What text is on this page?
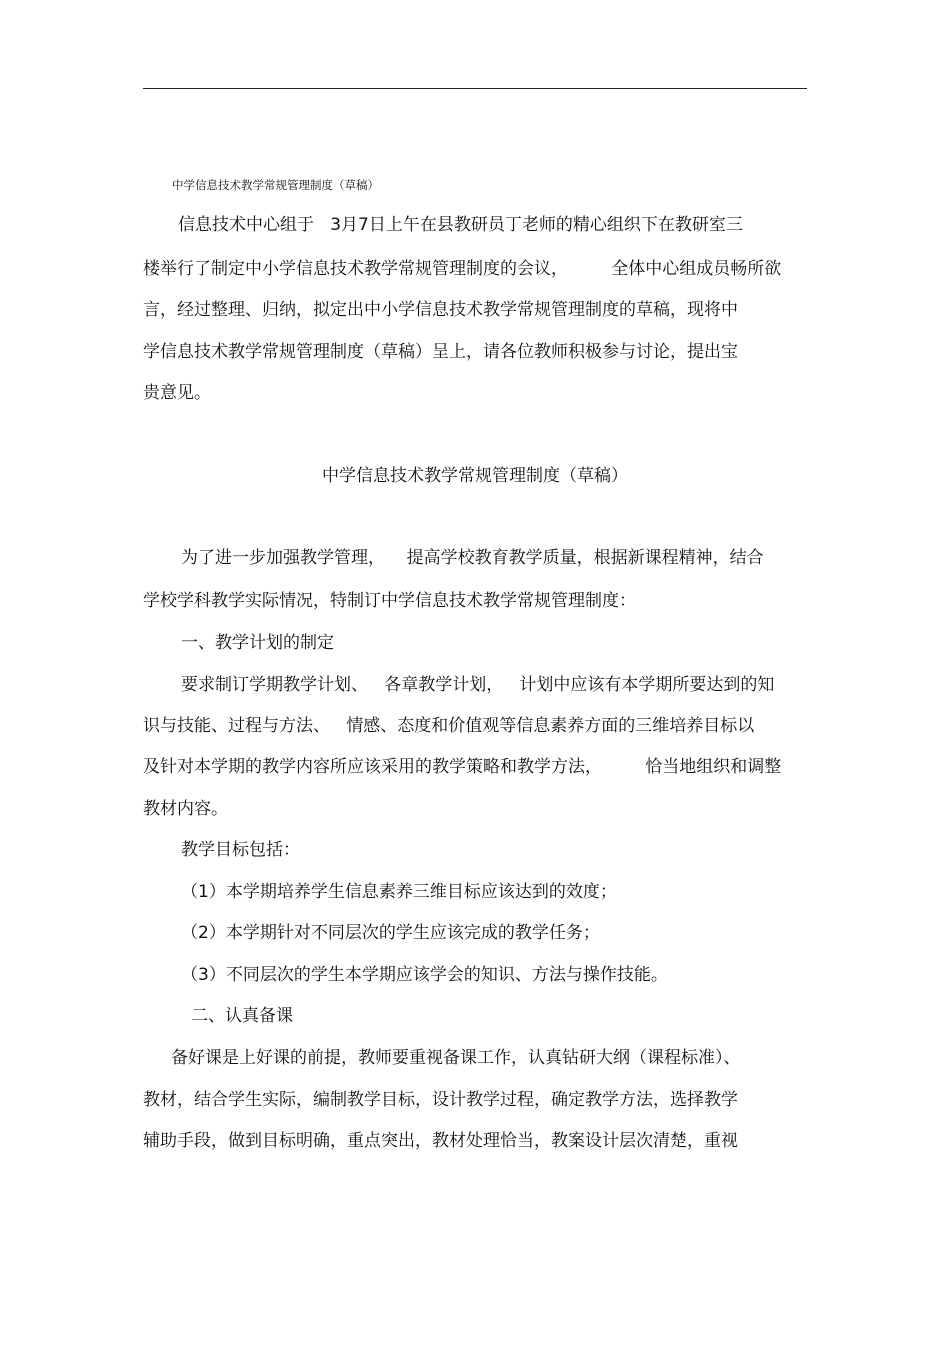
中学信息技术教学常规管理制度（草稿）
信息技术中心组于   3月7日上午在县教研员丁老师的精心组织下在教研室三
楼举行了制定中小学信息技术教学常规管理制度的会议，        全体中心组成员畅所欲
言，经过整理、归纳，拟定出中小学信息技术教学常规管理制度的草稿，现将中
学信息技术教学常规管理制度（草稿）呈上，请各位教师积极参与讨论，提出宝
贵意见。
中学信息技术教学常规管理制度（草稿）
为了进一步加强教学管理，    提高学校教育教学质量，根据新课程精神，结合
学校学科教学实际情况，特制订中学信息技术教学常规管理制度：
一、教学计划的制定
要求制订学期教学计划、   各章教学计划，   计划中应该有本学期所要达到的知
识与技能、过程与方法、   情感、态度和价值观等信息素养方面的三维培养目标以
及针对本学期的教学内容所应该采用的教学策略和教学方法，        恰当地组织和调整
教材内容。
教学目标包括：
（1）本学期培养学生信息素养三维目标应该达到的效度；
（2）本学期针对不同层次的学生应该完成的教学任务；
（3）不同层次的学生本学期应该学会的知识、方法与操作技能。
二、认真备课
备好课是上好课的前提，教师要重视备课工作，认真钻研大纲（课程标准）、
教材，结合学生实际，编制教学目标，设计教学过程，确定教学方法，选择教学
辅助手段，做到目标明确，重点突出，教材处理恰当，教案设计层次清楚，重视
